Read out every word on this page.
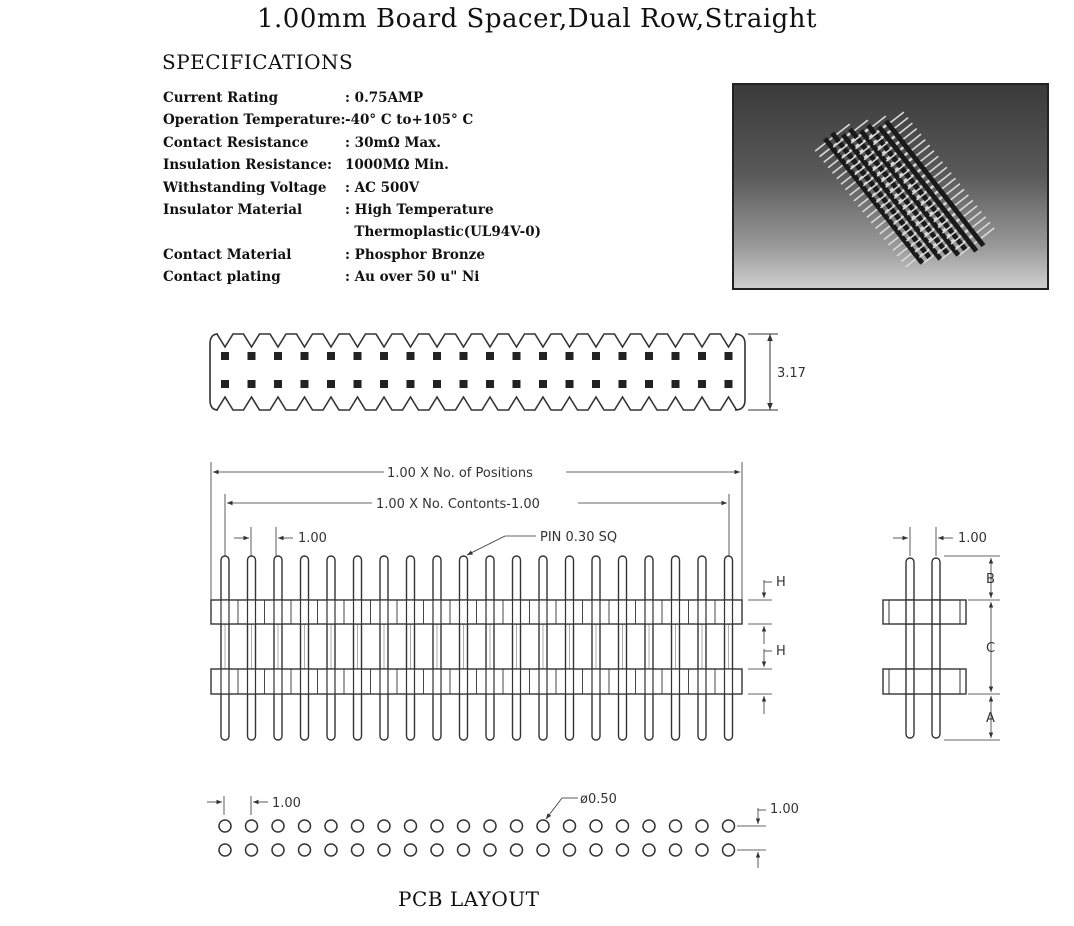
1.00mm Board Spacer,Dual Row,Straight
SPECIFICATIONS
Current Rating	: 0.75AMP
Operation Temperature: -40° C to+105° C
Contact Resistance	: 30mΩ Max.
Insulation Resistance: 1000MΩ Min.
Withstanding Voltage	: AC 500V
Insulator Material	: High Temperature
Thermoplastic(UL94V-0)
Contact Material	: Phosphor Bronze
Contact plating	: Au over 50 u" Ni
3.17
1.00 X No. of Positions
1.00 X No. Contonts-1.00
1.00	PIN 0.30 SQ
H
H
1.00
B
C
A
1.00	ø0.50
1.00
PCB LAYOUT
